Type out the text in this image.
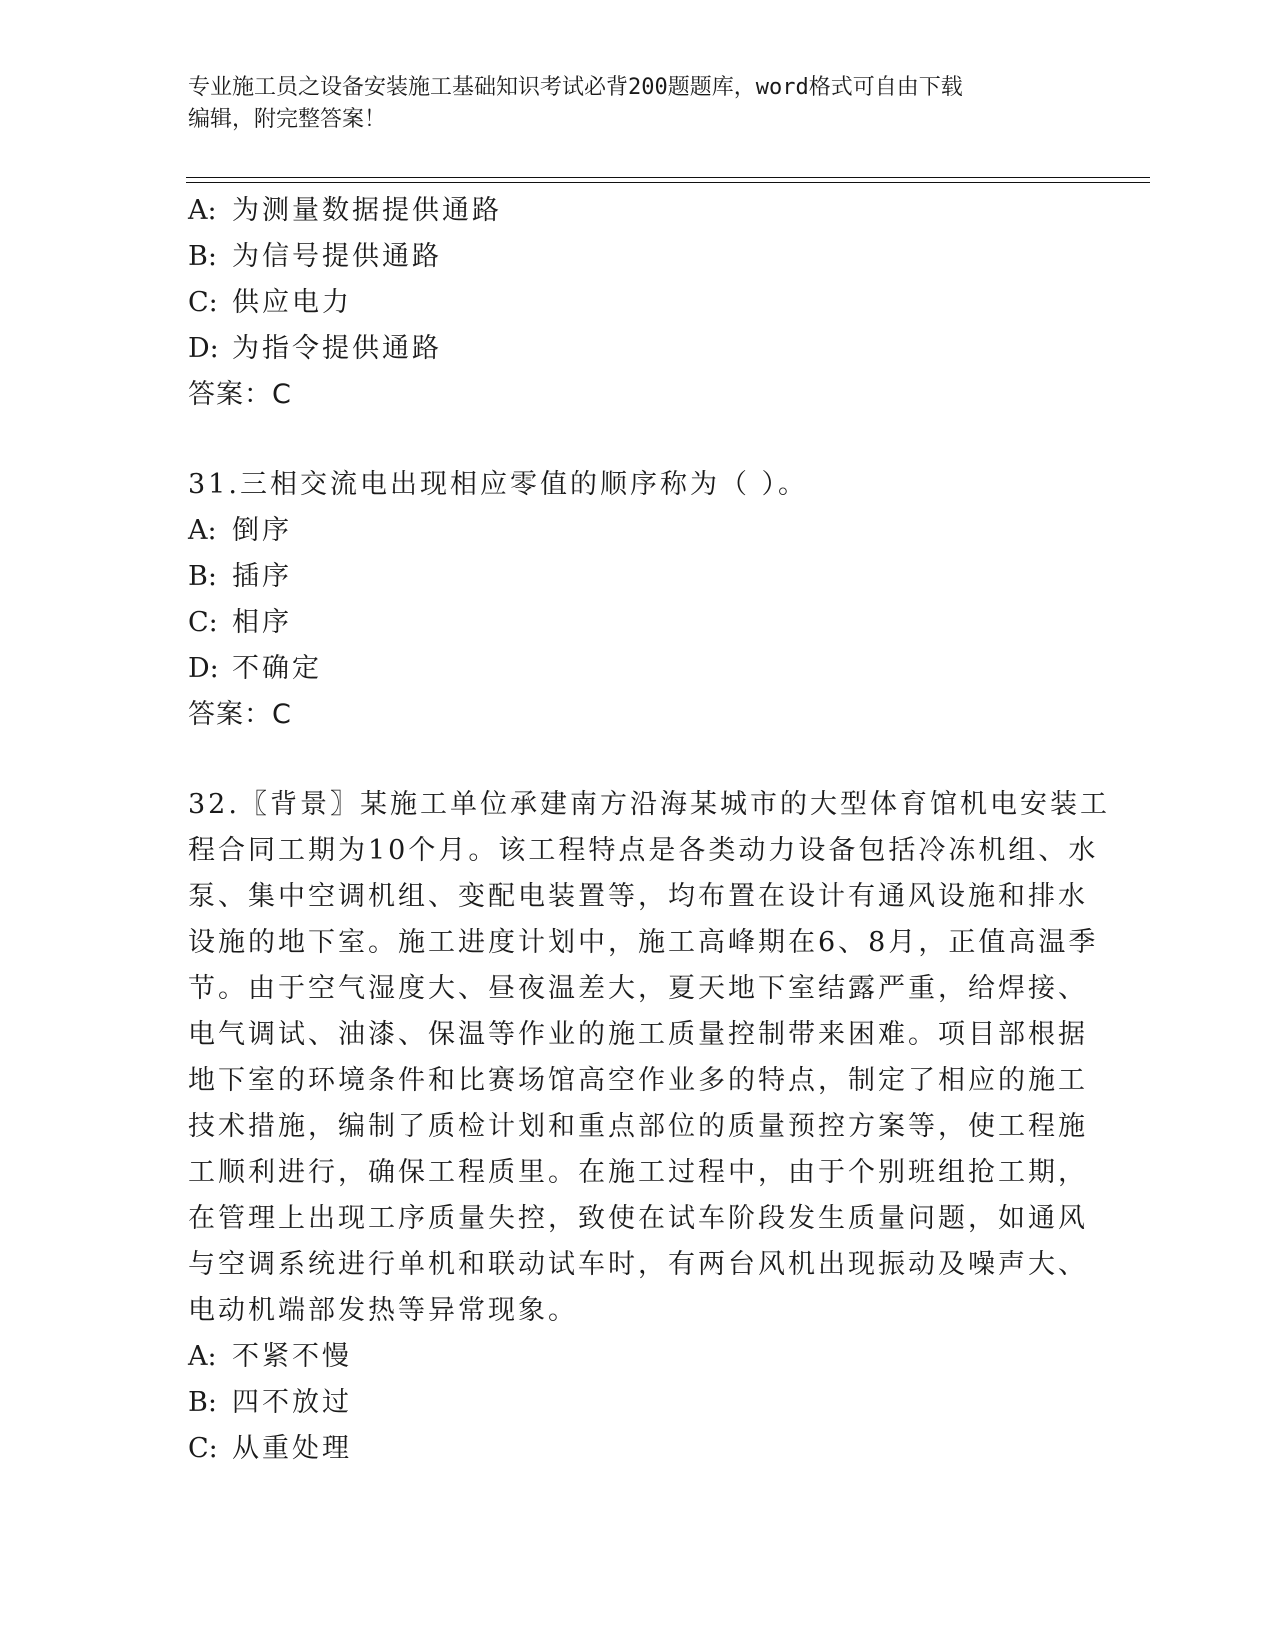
专业施工员之设备安装施工基础知识考试必背200题题库，word格式可自由下载
编辑，附完整答案！
A: 为测量数据提供通路
B: 为信号提供通路
C: 供应电力
D: 为指令提供通路
答案：C
31.三相交流电出现相应零值的顺序称为（ ）。
A: 倒序
B: 插序
C: 相序
D: 不确定
答案：C
32.〖背景〗某施工单位承建南方沿海某城市的大型体育馆机电安装工
程合同工期为10个月。该工程特点是各类动力设备包括冷冻机组、水
泵、集中空调机组、变配电装置等，均布置在设计有通风设施和排水
设施的地下室。施工进度计划中，施工高峰期在6、8月，正值高温季
节。由于空气湿度大、昼夜温差大，夏天地下室结露严重，给焊接、
电气调试、油漆、保温等作业的施工质量控制带来困难。项目部根据
地下室的环境条件和比赛场馆高空作业多的特点，制定了相应的施工
技术措施，编制了质检计划和重点部位的质量预控方案等，使工程施
工顺利进行，确保工程质里。在施工过程中，由于个别班组抢工期，
在管理上出现工序质量失控，致使在试车阶段发生质量问题，如通风
与空调系统进行单机和联动试车时，有两台风机出现振动及噪声大、
电动机端部发热等异常现象。
A: 不紧不慢
B: 四不放过
C: 从重处理
